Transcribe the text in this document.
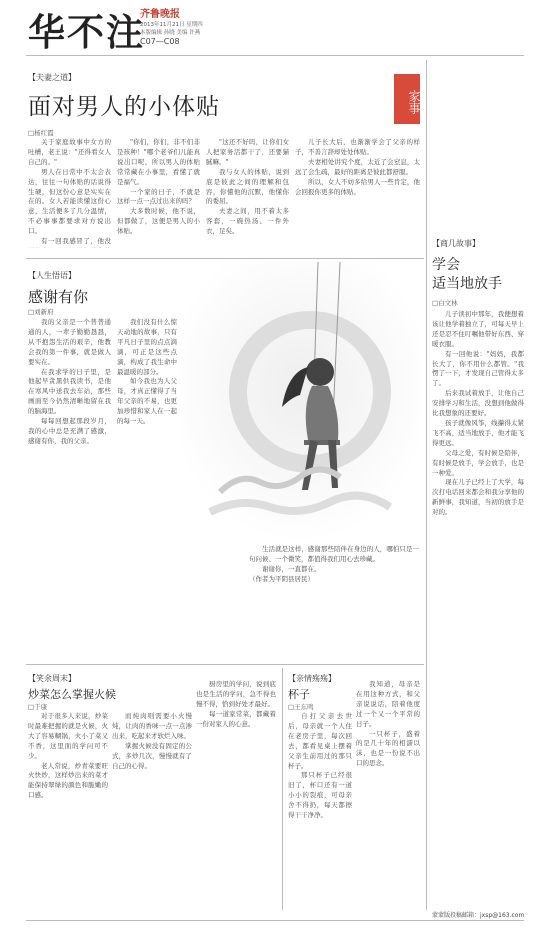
华不注
齐鲁晚报
2013年11月21日 星期四
本版编辑 孙晓 美编 许燕
C07—C08
【夫妻之道】
面对男人的小体贴	家事
□杨红霞

关于家庭故事中女方的吐槽，老王说："还得看女人自己的。"

男人在日常中不太会表达，往往一句体贴的话说得生硬，但这份心意是实实在在的。女人若能读懂这份心意，生活便多了几分温情，不必事事都要求对方说出口。

有一回我感冒了，他没

"你们，你们，非不们非是孩种！"哪个老爷们儿能真说出口呢，所以男人的体贴常常藏在小事里，看懂了就是福气。

一个家的日子，不就是这样一点一点过出来的吗？

大多数时候，他不说，但都做了，这便是男人的小体贴。

"这还不好吗，让你们女人把家务活都干了，还要猫腻嘛。"

我与女人的体贴，说到底是彼此之间的理解和包容，你懂他的沉默，他懂你的委屈。

夫妻之间，用不着太多客套，一碗热汤、一件外衣，足矣。

儿子长大后，也渐渐学会了父亲的样子，不善言辞却处处体贴。

夫妻相处讲究个度，太近了会窒息，太远了会生疏，最好的距离是彼此都舒服。

所以，女人不妨多给男人一些肯定，他会回报你更多的体贴。

【人生悟语】
感谢有你
□刘新府

我的父亲是一个普普通通的人，一辈子勤勤恳恳，从不抱怨生活的艰辛，他教会我的第一件事，就是做人要实在。

在我求学的日子里，是他起早贪黑供我读书，是他在寒风中送我去车站，那些画面至今仍然清晰地留在我的脑海里。

每每回想起那段岁月，我的心中总是充满了感激，感谢有你，我的父亲。

我们没有什么惊天动地的故事，只有平凡日子里的点点滴滴，可正是这些点滴，构成了我生命中最温暖的部分。

如今我也为人父母，才真正懂得了当年父亲的不易，也更加珍惜和家人在一起的每一天。

生活就是这样，感谢那些陪伴在身边的人，哪怕只是一句问候、一个微笑，都值得我们用心去珍藏。

谢谢你，一直都在。

（作者为平阴县居民）

【笑余周末】
炒菜怎么掌握火候
□于康

对于很多人来说，炒菜时最难把握的就是火候，火大了容易糊锅，火小了菜又不香，这里面的学问可不少。

老人常说，炒青菜要旺火快炒，这样炒出来的菜才能保持翠绿的颜色和脆嫩的口感。

而炖肉则需要小火慢炖，让肉的香味一点一点渗出来，吃起来才软烂入味。

掌握火候没有固定的公式，多炒几次，慢慢就有了自己的心得。

厨房里的学问，说到底也是生活的学问，急不得也慢不得，恰到好处才最好。

每一道家常菜，都藏着一份对家人的心意。

【亲情殇殇】
杯子
□王东鸣

自打父亲去世后，母亲就一个人住在老房子里，每次回去，都看见桌上摆着父亲生前用过的那只杯子。

那只杯子已经很旧了，杯口还有一道小小的裂痕，可母亲舍不得扔，每天都擦得干干净净。

我知道，母亲是在用这种方式，和父亲说说话，陪着他度过一个又一个平常的日子。

一只杯子，盛着的是几十年的相濡以沫，也是一份说不出口的思念。

【商几故事】
学会
适当地放手
□白文林

儿子读初中那年，我便想着该让他学着独立了，可每天早上还是忍不住叮嘱他带好东西、穿暖衣服。

有一回他说："妈妈，我都长大了，你不用什么都管。"我愣了一下，才发现自己管得太多了。

后来我试着放手，让他自己安排学习和生活，没想到他做得比我想象的还要好。

孩子就像风筝，线攥得太紧飞不高，适当地放手，他才能飞得更远。

父母之爱，有时候是陪伴，有时候是放手，学会放手，也是一种爱。

现在儿子已经上了大学，每次打电话回来都会和我分享他的新鲜事，我知道，当初的放手是对的。

蒙蒙版投稿邮箱：jxsp@163.com
